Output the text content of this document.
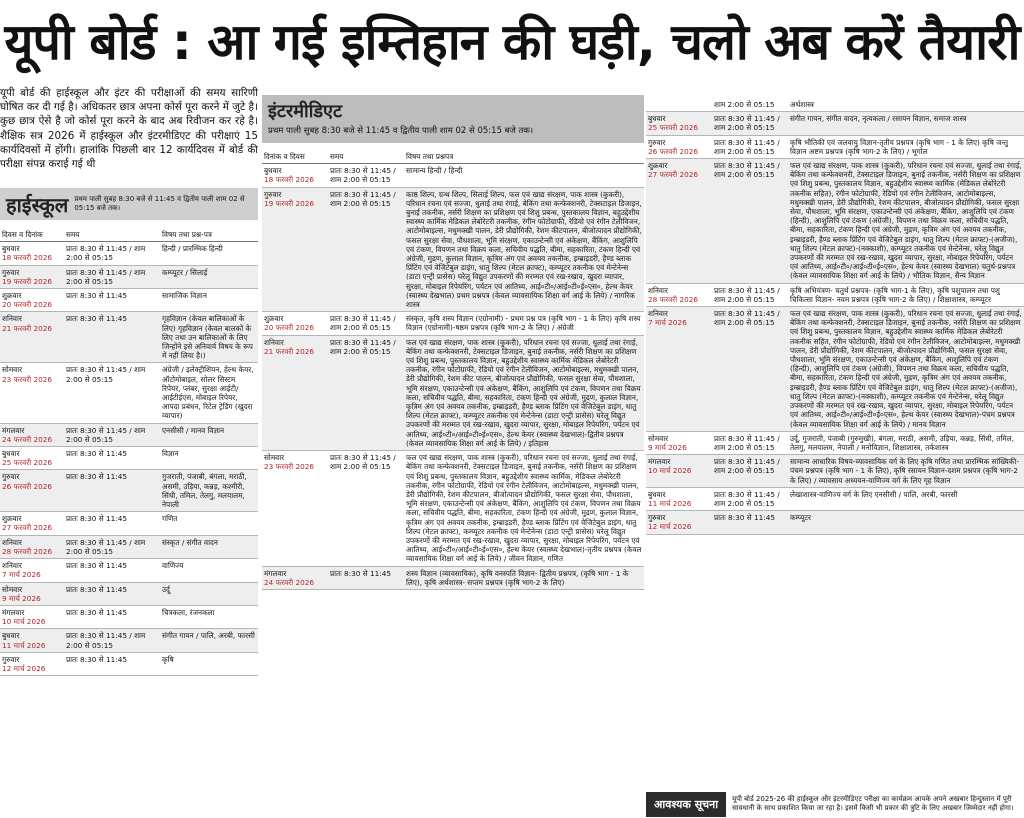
यूपी बोर्ड : आ गई इम्तिहान की घड़ी, चलो अब करें तैयारी
यूपी बोर्ड की हाईस्कूल और इंटर की परीक्षाओं की समय सारिणी घोषित कर दी गई है। अधिकतर छात्र अपना कोर्स पूरा करने में जुटे है। कुछ छात्र ऐसे है जो कोर्स पूरा करने के बाद अब रिवीजन कर रहे है। शैक्षिक सत्र 2026 में हाईस्कूल और इंटरमीडिएट की परीक्षाएं 15 कार्यदिवसों में होंगी। हालांकि पिछली बार 12 कार्यदिवस में बोर्ड की परीक्षा संपन्न कराई गई थी
हाईस्कूल प्रथम पाली सुबह 8:30 बजे से 11:45 व द्वितीय पाली शाम 02 से 05:15 बजे तक।
दिवस व दिनांक	समय	विषय तथा प्रश्न-पत्र

बुधवार
18 फरवरी 2026	प्रातः 8:30 से 11:45 / शाम 2:00 से 05:15	हिन्दी / प्रारम्भिक हिन्दी

गुरुवार
19 फरवरी 2026	प्रातः 8:30 से 11:45 / शाम 2:00 से 05:15	कम्प्यूटर / सिलाई

शुक्रवार
20 फरवरी 2026	प्रातः 8:30 से 11:45	सामाजिक विज्ञान

शनिवार
21 फरवरी 2026	प्रातः 8:30 से 11:45	गृहविज्ञान (केवल बालिकाओं के लिए) गृहविज्ञान (केवल बालकों के लिए तथा उन बालिकाओं के लिए जिन्होंने इसे अनिवार्य विषय के रूप में नहीं लिया है।)

सोमवार
23 फरवरी 2026	प्रातः 8:30 से 11:45 / शाम 2:00 से 05:15	अंग्रेजी / इलेक्ट्रीशियन, हेल्थ केयर, ऑटोमोबाइल, सोलर सिस्टम रिपेयर, प्लंबर, सुरक्षा आईटी/आईटीईएस, मोबाइल रिपेयर, आपदा प्रबंधन, रिटेल ट्रेडिंग (खुदरा व्यापार)

मंगलवार
24 फरवरी 2026	प्रातः 8:30 से 11:45 / शाम 2:00 से 05:15	एनसीसी / मानव विज्ञान

बुधवार
25 फरवरी 2026	प्रातः 8:30 से 11:45	विज्ञान

गुरुवार
26 फरवरी 2026	प्रातः 8:30 से 11:45	गुजराती, पंजाबी, बंगला, मराठी, असमी, उड़िया, कन्नड़, कश्मीरी, सिंधी, तमिल, तेलगु, मलयालम, नेपाली

शुक्रवार
27 फरवरी 2026	प्रातः 8:30 से 11:45	गणित

शनिवार
28 फरवरी 2026	प्रातः 8:30 से 11:45 / शाम 2:00 से 05:15	संस्कृत / संगीत वादन

शनिवार
7 मार्च 2026	प्रातः 8:30 से 11:45	वाणिज्य

सोमवार
9 मार्च 2026	प्रातः 8:30 से 11:45	उर्दू

मंगलवार
10 मार्च 2026	प्रातः 8:30 से 11:45	चित्रकला, रंजनकला

बुधवार
11 मार्च 2026	प्रातः 8:30 से 11:45 / शाम 2:00 से 05:15	संगीत गायन / पालि, अरबी, फारसी

गुरुवार
12 मार्च 2026	प्रातः 8:30 से 11:45	कृषि
इंटरमीडिएट
प्रथम पाली सुबह 8:30 बजे से 11:45 व द्वितीय पाली शाम 02 से 05:15 बजे तक।
दिनांक व दिवस	समय	विषय तथा प्रश्नपत्र

बुधवार
18 फरवरी 2026	प्रातः 8:30 से 11:45 / शाम 2:00 से 05:15	सामान्य हिन्दी / हिन्दी

गुरुवार
19 फरवरी 2026	प्रातः 8:30 से 11:45 / शाम 2:00 से 05:15	काष्ठ शिल्प, ग्रन्थ शिल्प, सिलाई शिल्प, फल एवं खाद्य संरक्षण, पाक शास्त्र (कुकरी), परिधान रचना एवं सज्जा, धुलाई तथा रंगाई, बेकिंग तथा कन्फेक्शनरी, टेक्सटाइल डिजाइन, बुनाई तकनीक, नर्सरी शिक्षण का प्रशिक्षण एवं शिशु प्रबन्ध, पुस्तकालय विज्ञान, बहुउद्देशीय स्वास्थ्य कार्मिक मेडिकल लेबोरेटरी तकनीक, रंगीन फोटोग्राफी, रेडियो एवं रंगीन टेलीविजन, आटोमोबाइल्स, मधुमक्खी पालन, डेरी प्रौद्योगिकी, रेशम कीटपालन, बीजोत्पादन प्रौद्योगिकी, फसल सुरक्षा सेवा, पौधशाला, भूमि संरक्षण, एकाउन्टेन्सी एवं अंकेक्षण, बैंकिंग, आशुलिपि एवं टंकण, विपणन तथा विक्रय कला, सचिवीय पद्धति, बीमा, सहकारिता, टंकण हिन्दी एवं अंग्रेजी, मुद्रण, कुलाल विज्ञान, कृत्रिम अंग एवं अवयव तकनीक, इम्ब्राइडरी, हैण्ड ब्लाक प्रिंटिंग एवं वेजिटेबुल डाइंग, धातु शिल्प (मेटल क्राफ्ट), कम्प्यूटर तकनीक एवं मेन्टेनेन्स (डाटा एन्ट्री प्रासेस) घरेलू विद्युत उपकरणों की मरम्मत एवं रख-रखाव, खुदरा व्यापार, सुरक्षा, मोबाइल रिपेयरिंग, पर्यटन एवं आतिथ्य, आई०टी०/आई०टी०ई०एस०, हेल्थ केयर (स्वास्थ्य देखभाल) प्रथम प्रश्नपत्र (केवल व्यावसायिक शिक्षा वर्ग आई के लिये) / नागरिक शास्त्र

शुक्रवार
20 फरवरी 2026	प्रातः 8:30 से 11:45 / शाम 2:00 से 05:15	संस्कृत, कृषि शस्य विज्ञान (एग्रोनामी) - प्रथम प्रश्न पत्र (कृषि भाग - 1 के लिए) कृषि शस्य विज्ञान (एग्रोनामी)-षष्ठम प्रश्नपत्र (कृषि भाग-2 के लिए) / अंग्रेजी

शनिवार
21 फरवरी 2026	प्रातः 8:30 से 11:45 / शाम 2:00 से 05:15	फल एवं खाद्य संरक्षण, पाक शास्त्र (कुकरी), परिधान रचना एवं सज्जा, धुलाई तथा रंगाई, बेकिंग तथा कन्फेक्शनरी, टेक्सटाइल डिजाइन, बुनाई तकनीक, नर्सरी शिक्षण का प्रशिक्षण एवं शिशु प्रबन्ध, पुस्तकालय विज्ञान, बहुउद्देशीय स्वास्थ्य कार्मिक मेडिकल लेबोरेटरी तकनीक, रंगीन फोटोग्राफी, रेडियो एवं रंगीन टेलीविजन, आटोमोबाइल्स, मधुमक्खी पालन, डेरी प्रौद्योगिकी, रेशम कीट पालन, बीजोत्पादन प्रौद्योगिकी, फसल सुरक्षा सेवा, पौधशाला, भूमि संरक्षण, एकाउन्टेन्सी एवं अंकेक्षण, बैंकिंग, आशुलिपि एवं टंकण, विपणन तथा विक्रय कला, सचिवीय पद्धति, बीमा, सहकारिता, टंकण हिन्दी एवं अंग्रेजी, मुद्रण, कुलाल विज्ञान, कृत्रिम अंग एवं अवयव तकनीक, इम्ब्राइडरी, हैण्ड ब्लाक प्रिंटिंग एवं वेजिटेबुल डाइंग, धातु शिल्प (मेटल क्राफ्ट), कम्प्यूटर तकनीक एवं मेन्टेनेन्स (डाटा एन्ट्री प्रासेस) घरेलू विद्युत उपकरणों की मरम्मत एवं रख-रखाव, खुदरा व्यापार, सुरक्षा, मोबाइल रिपेयरिंग, पर्यटन एवं आतिथ्य, आई०टी०/आई०टी०ई०एस०, हेल्थ केयर (स्वास्थ्य देखभाल)-द्वितीय प्रश्नपत्र (केवल व्यावसायिक शिक्षा वर्ग आई के लिये) / इतिहास

सोमवार
23 फरवरी 2026	प्रातः 8:30 से 11:45 / शाम 2:00 से 05:15	फल एवं खाद्य संरक्षण, पाक शास्त्र (कुकरी), परिधान रचना एवं सज्जा, धुलाई तथा रंगाई, बेकिंग तथा कन्फेक्शनरी, टेक्सटाइल डिजाइन, बुनाई तकनीक, नर्सरी शिक्षण का प्रशिक्षण एवं शिशु प्रबन्ध, पुस्तकालय विज्ञान, बहुउद्देशीय स्वास्थ्य कार्मिक, मेडिकल लेबोरेटरी तकनीक, रंगीन फोटोग्राफी, रेडियो एवं रंगीन टेलीविजन, आटोमोबाइल्स, मधुमक्खी पालन, डेरी प्रौद्योगिकी, रेशम कीटपालन, बीजोत्पादन प्रौद्योगिकी, फसल सुरक्षा सेवा, पौधशाला, भूमि संरक्षण, एकाउन्टेन्सी एवं अंकेक्षण, बैंकिंग, आशुलिपि एवं टंकण, विपणन तथा विक्रय कला, सचिवीय पद्धति, बीमा, सहकारिता, टंकण हिन्दी एवं अंग्रेजी, मुद्रण, कुलाल विज्ञान, कृत्रिम अंग एवं अवयव तकनीक, इम्ब्राइडरी, हैण्ड ब्लाक प्रिंटिंग एवं वेजिटेबुल डाइंग, धातु शिल्प (मेटल क्राफ्ट), कम्प्यूटर तकनीक एवं मेन्टेनेन्स (डाटा एन्ट्री प्रासेस) घरेलू विद्युत उपकरणों की मरम्मत एवं रख-रखाव, खुदरा व्यापार, सुरक्षा, मोबाइल रिपेयरिंग, पर्यटन एवं आतिथ्य, आई०टी०/आई०टी०ई०एस०, हेल्थ केयर (स्वास्थ्य देखभाल)-तृतीय प्रश्नपत्र (केवल व्यावसायिक शिक्षा वर्ग आई के लिये) / जीवन विज्ञान, गणित

मंगलवार
24 फरवरी 2026	प्रातः 8:30 से 11:45	शस्य विज्ञान (व्यावसायिक), कृषि वनस्पति विज्ञान- द्वितीय प्रश्नपत्र, (कृषि भाग - 1 के लिए), कृषि अर्थशास्त्र- सप्तम प्रश्नपत्र (कृषि भाग-2 के लिए)
	शाम 2:00 से 05:15	अर्थशास्त्र

बुधवार
25 फरवरी 2026	प्रातः 8:30 से 11:45 / शाम 2:00 से 05:15	संगीत गायन, संगीत वादन, नृत्यकला / रसायन विज्ञान, समाज शास्त्र

गुरुवार
26 फरवरी 2026	प्रातः 8:30 से 11:45 / शाम 2:00 से 05:15	कृषि भौतिकी एवं जलवायु विज्ञान-तृतीय प्रश्नपत्र (कृषि भाग - 1 के लिए) कृषि जन्तु विज्ञान अष्टम प्रश्नपत्र (कृषि भाग-2 के लिए) / भूगोल

शुक्रवार
27 फरवरी 2026	प्रातः 8:30 से 11:45 / शाम 2:00 से 05:15	फल एवं खाद्य संरक्षण, पाक शास्त्र (कुकरी), परिधान रचना एवं सज्जा, धुलाई तथा रंगाई, बेकिंग तथा कन्फेक्शनरी, टेक्सटाइल डिजाइन, बुनाई तकनीक, नर्सरी शिक्षण का प्रशिक्षण एवं शिशु प्रबन्ध, पुस्तकालय विज्ञान, बहुउद्देशीय स्वास्थ्य कार्मिक (मेडिकल लेबोरेटरी तकनीक सहित), रंगीन फोटोग्राफी, रेडियो एवं रंगीन टेलीविजन, आटोमोबाइल्स, मधुमक्खी पालन, डेरी प्रौद्योगिकी, रेशम कीटपालन, बीजोत्पादन प्रौद्योगिकी, फसल सुरक्षा सेवा, पौधशाला, भूमि संरक्षण, एकाउन्टेन्सी एवं अंकेक्षण, बैंकिंग, आशुलिपि एवं टंकण (हिन्दी), आशुलिपि एवं टंकण (अंग्रेजी), विपणन तथा विक्रय कला, सचिवीय पद्धति, बीमा, सहकारिता, टंकण हिन्दी एवं अंग्रेजी, मुद्रण, कृत्रिम अंग एवं अवयव तकनीक, इम्ब्राइडरी, हैण्ड ब्लाक प्रिंटिंग एवं वेजिटेबुल डाइंग, धातु शिल्प (मेटल क्राफ्ट)-(अजीज), धातु शिल्प (मेटल क्राफ्ट)-(नक्काशी), कम्प्यूटर तकनीक एवं मेन्टेनेन्स, घरेलू विद्युत उपकरणों की मरम्मत एवं रख-रखाव, खुदरा व्यापार, सुरक्षा, मोबाइल रिपेयरिंग, पर्यटन एवं आतिथ्य, आई०टी०/आई०टी०ई०एस०, हेल्थ केयर (स्वास्थ्य देखभाल) चतुर्थ-प्रश्नपत्र (केवल व्यावसायिक शिक्षा वर्ग आई के लिये) / भौतिक विज्ञान, सैन्य विज्ञान

शनिवार
28 फरवरी 2026	प्रातः 8:30 से 11:45 / शाम 2:00 से 05:15	कृषि अभियंत्रण- चतुर्थ प्रश्नपत्र- (कृषि भाग-1 के लिए), कृषि पशुपालन तथा पशु चिकित्सा विज्ञान- नवम प्रश्नपत्र (कृषि भाग-2 के लिए) / शिक्षाशास्त्र, कम्प्यूटर

शनिवार
7 मार्च 2026	प्रातः 8:30 से 11:45 / शाम 2:00 से 05:15	फल एवं खाद्य संरक्षण, पाक शास्त्र (कुकरी), परिधान रचना एवं सज्जा, धुलाई तथा रंगाई, बेकिंग तथा कन्फेक्शनरी, टेक्सटाइल डिजाइन, बुनाई तकनीक, नर्सरी शिक्षण का प्रशिक्षण एवं शिशु प्रबन्ध, पुस्तकालय विज्ञान, बहुउद्देशीय स्वास्थ्य कार्मिक मेडिकल लेबोरेटरी तकनीक सहित, रंगीन फोटोग्राफी, रेडियो एवं रंगीन टेलीविजन, आटोमोबाइल्स, मधुमक्खी पालन, डेरी प्रौद्योगिकी, रेशम कीटपालन, बीजोत्पादन प्रौद्योगिकी, फसल सुरक्षा सेवा, पौधशाला, भूमि संरक्षण, एकाउन्टेन्सी एवं अंकेक्षण, बैंकिंग, आशुलिपि एवं टंकण (हिन्दी), आशुलिपि एवं टंकण (अंग्रेजी), विपणन तथा विक्रय कला, सचिवीय पद्धति, बीमा, सहकारिता, टंकण हिन्दी एवं अंग्रेजी, मुद्रण, कृत्रिम अंग एवं अवयव तकनीक, इम्ब्राइडरी, हैण्ड ब्लाक प्रिंटिंग एवं वेजिटेबुल डाइंग, धातु शिल्प (मेटल क्राफ्ट)-(अजीज), धातु शिल्प (मेटल क्राफ्ट)-(नक्काशी), कम्प्यूटर तकनीक एवं मेन्टेनेन्स, घरेलू विद्युत उपकरणों की मरम्मत एवं रख-रखाव, खुदरा व्यापार, सुरक्षा, मोबाइल रिपेयरिंग, पर्यटन एवं आतिथ्य, आई०टी०/आई०टी०ई०एस०, हेल्थ केयर (स्वास्थ्य देखभाल)-पंचम प्रश्नपत्र (केवल व्यावसायिक शिक्षा वर्ग आई के लिये) / मानव विज्ञान

सोमवार
9 मार्च 2026	प्रातः 8:30 से 11:45 / शाम 2:00 से 05:15	उर्दू, गुजराती, पंजाबी (गुरुमुखी), बंगला, मराठी, असमी, उड़िया, कन्नड़, सिंधी, तमिल, तेलगु, मलयालम, नेपाली / मनोविज्ञान, शिक्षाशास्त्र, तर्कशास्त्र

मंगलवार
10 मार्च 2026	प्रातः 8:30 से 11:45 / शाम 2:00 से 05:15	सामान्य आधारिक विषय-व्यावसायिक वर्ग के लिए कृषि गणित तथा प्रारम्भिक सांख्यिकी- पंचम प्रश्नपत्र (कृषि भाग - 1 के लिए), कृषि रसायन विज्ञान-दशम प्रश्नपत्र (कृषि भाग-2 के लिए) / व्यावसाय अध्ययन-वाणिज्य वर्ग के लिए गृह विज्ञान

बुधवार
11 मार्च 2026	प्रातः 8:30 से 11:45 / शाम 2:00 से 05:15	लेखाशास्त्र-वाणिज्य वर्ग के लिए एनसीसी / पालि, अरबी, फारसी

गुरुवार
12 मार्च 2026	प्रातः 8:30 से 11:45	कम्प्यूटर
आवश्यक सूचना	यूपी बोर्ड 2025-26 की हाईस्कूल और इंटरमीडिएट परीक्षा का कार्यक्रम आपके अपने अखबार हिन्दुस्तान में पूरी सावधानी के साथ प्रकाशित किया जा रहा है। इसमें किसी भी प्रकार की त्रुटि के लिए अखबार जिम्मेदार नहीं होगा।
